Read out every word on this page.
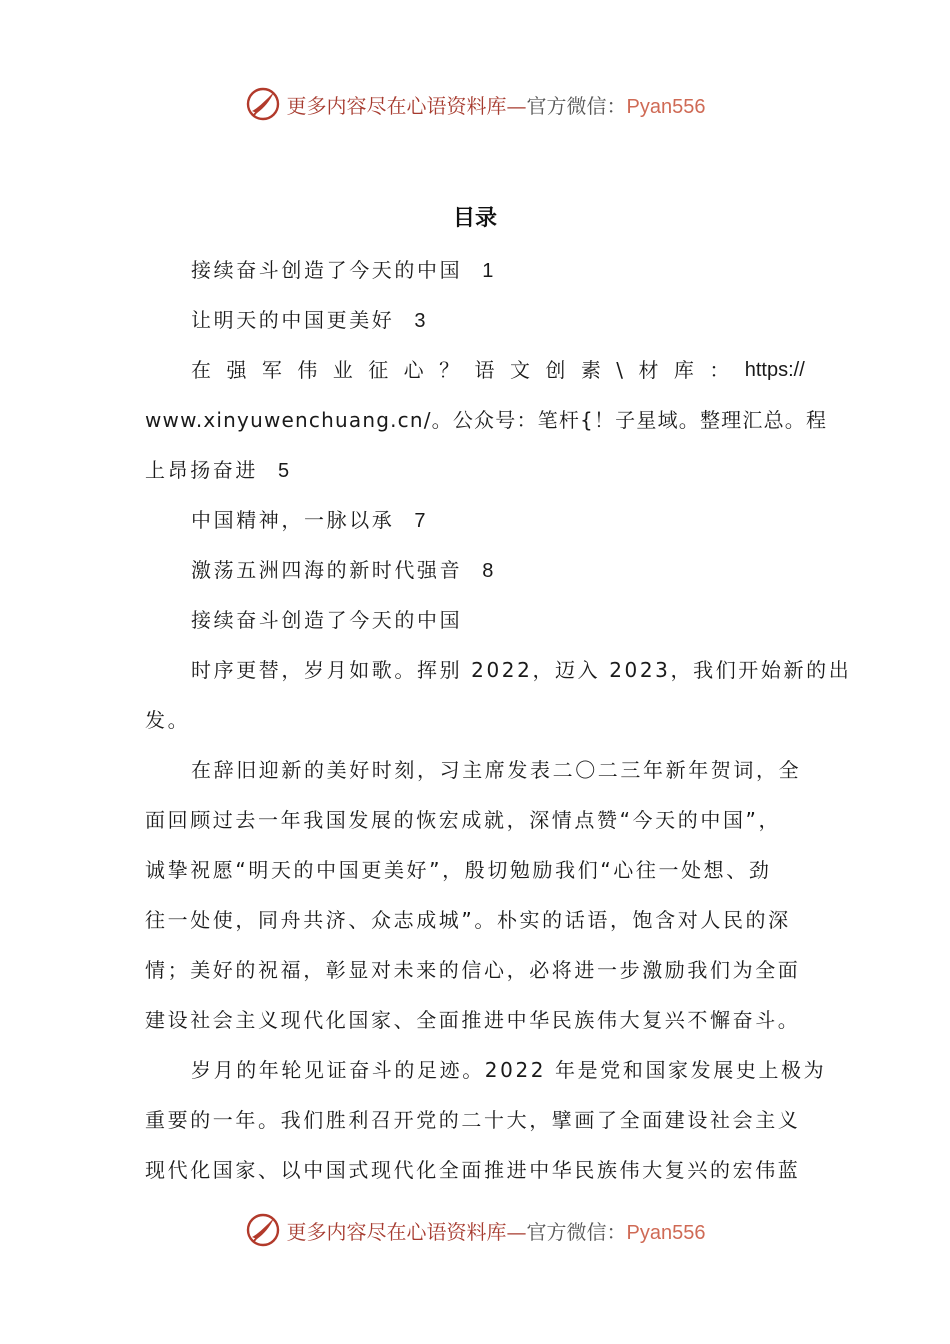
更多内容尽在心语资料库—官方微信：Pyan556
目录
接续奋斗创造了今天的中国 1
让明天的中国更美好 3
在 强 军 伟 业 征 心 ？ 语 文 创 素 \ 材 库 ： https://
www.xinyuwenchuang.cn/。公众号：笔杆{！子星域。整理汇总。程
上昂扬奋进 5
中国精神，一脉以承 7
激荡五洲四海的新时代强音 8
接续奋斗创造了今天的中国
时序更替，岁月如歌。挥别 2022，迈入 2023，我们开始新的出
发。
在辞旧迎新的美好时刻，习主席发表二〇二三年新年贺词，全
面回顾过去一年我国发展的恢宏成就，深情点赞“今天的中国”，
诚挚祝愿“明天的中国更美好”，殷切勉励我们“心往一处想、劲
往一处使，同舟共济、众志成城”。朴实的话语，饱含对人民的深
情；美好的祝福，彰显对未来的信心，必将进一步激励我们为全面
建设社会主义现代化国家、全面推进中华民族伟大复兴不懈奋斗。
岁月的年轮见证奋斗的足迹。2022 年是党和国家发展史上极为
重要的一年。我们胜利召开党的二十大，擘画了全面建设社会主义
现代化国家、以中国式现代化全面推进中华民族伟大复兴的宏伟蓝
更多内容尽在心语资料库—官方微信：Pyan556
